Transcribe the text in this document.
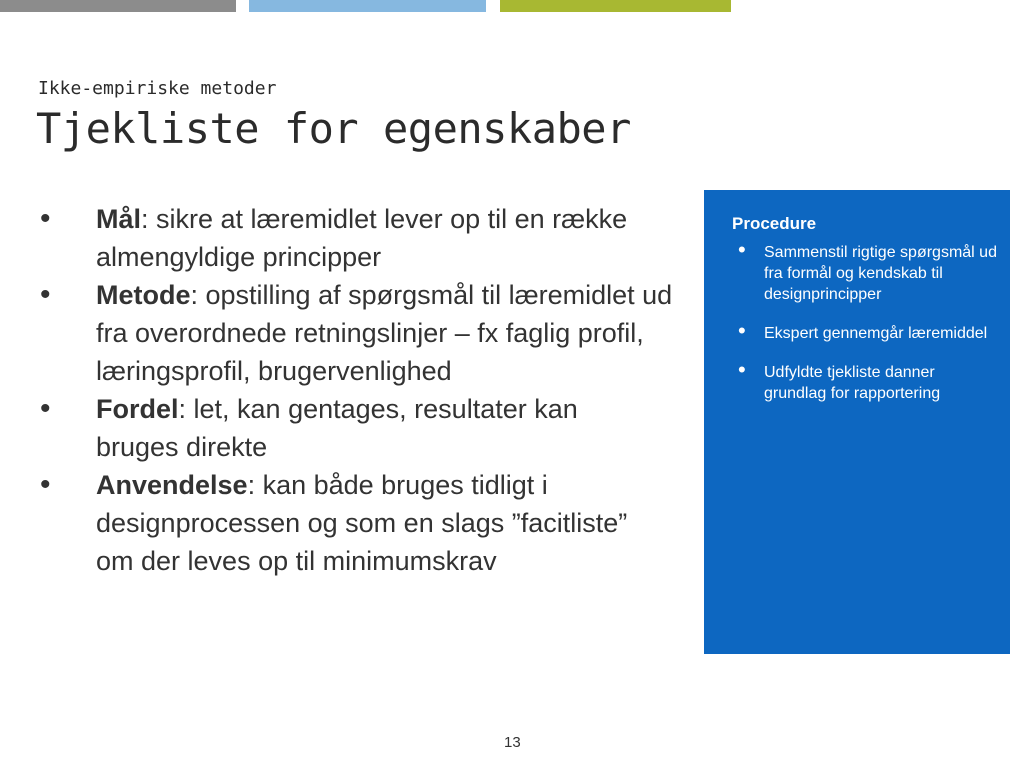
Ikke-empiriske metoder
Tjekliste for egenskaber
• Mål: sikre at læremidlet lever op til en række almengyldige principper
• Metode: opstilling af spørgsmål til læremidlet ud fra overordnede retningslinjer – fx faglig profil, læringsprofil, brugervenlighed
• Fordel: let, kan gentages, resultater kan bruges direkte
• Anvendelse: kan både bruges tidligt i designprocessen og som en slags ”facitliste” om der leves op til minimumskrav
Procedure
• Sammenstil rigtige spørgsmål ud fra formål og kendskab til designprincipper
• Ekspert gennemgår læremiddel
• Udfyldte tjekliste danner grundlag for rapportering
13
